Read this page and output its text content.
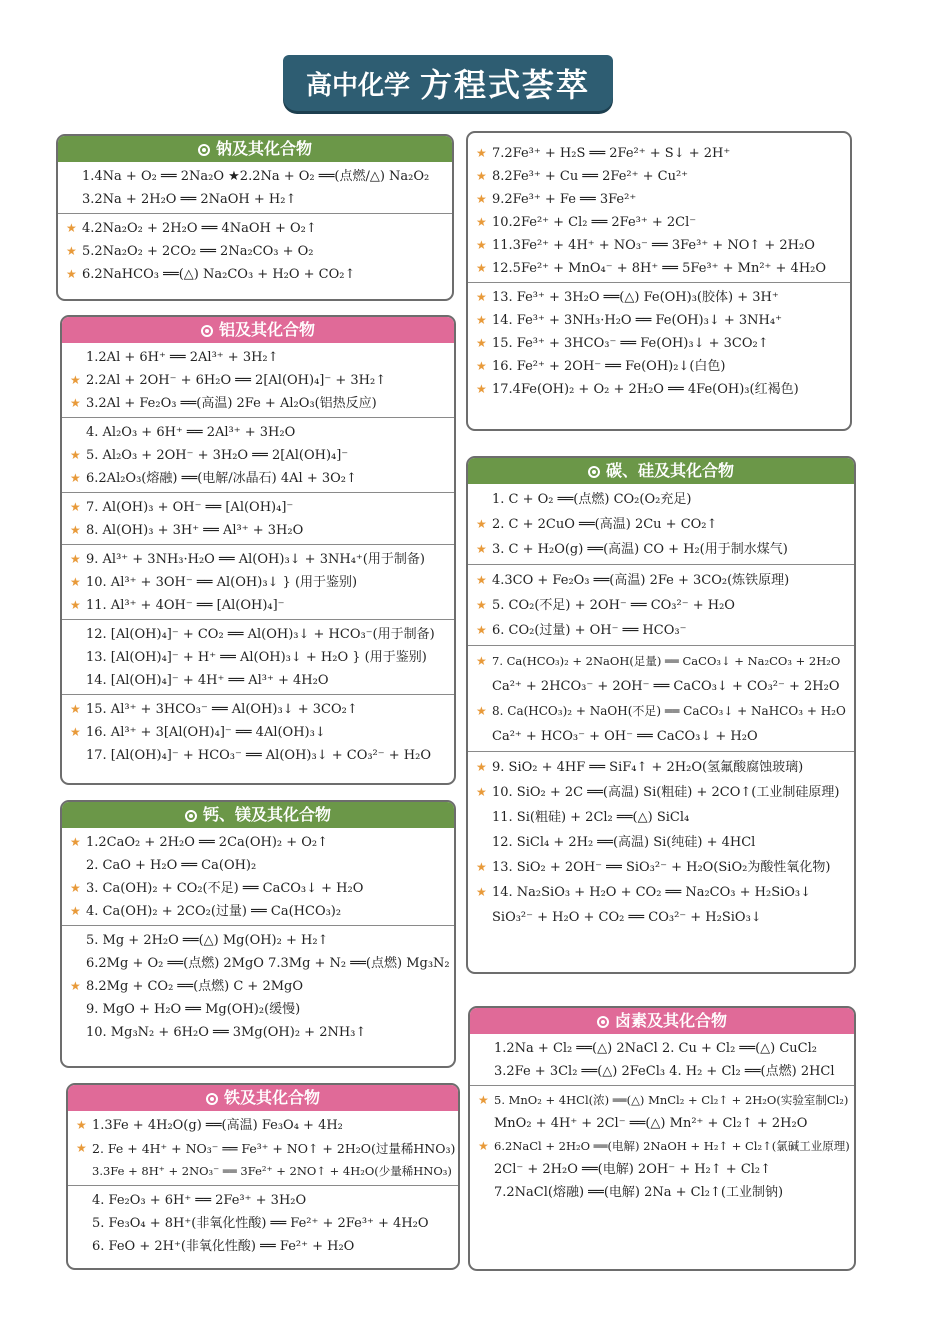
高中化学 方程式荟萃
钠及其化合物
1.4Na + O₂ ══ 2Na₂O ★2.2Na + O₂ ══(点燃/△) Na₂O₂
3.2Na + 2H₂O ══ 2NaOH + H₂↑
★ 4.2Na₂O₂ + 2H₂O ══ 4NaOH + O₂↑
★ 5.2Na₂O₂ + 2CO₂ ══ 2Na₂CO₃ + O₂
★ 6.2NaHCO₃ ══(△) Na₂CO₃ + H₂O + CO₂↑
铝及其化合物
1.2Al + 6H⁺ ══ 2Al³⁺ + 3H₂↑
★ 2.2Al + 2OH⁻ + 6H₂O ══ 2[Al(OH)₄]⁻ + 3H₂↑
★ 3.2Al + Fe₂O₃ ══(高温) 2Fe + Al₂O₃(铝热反应)
4. Al₂O₃ + 6H⁺ ══ 2Al³⁺ + 3H₂O
★ 5. Al₂O₃ + 2OH⁻ + 3H₂O ══ 2[Al(OH)₄]⁻
★ 6.2Al₂O₃(熔融) ══(电解/冰晶石) 4Al + 3O₂↑
★ 7. Al(OH)₃ + OH⁻ ══ [Al(OH)₄]⁻
★ 8. Al(OH)₃ + 3H⁺ ══ Al³⁺ + 3H₂O
★ 9. Al³⁺ + 3NH₃·H₂O ══ Al(OH)₃↓ + 3NH₄⁺(用于制备)
★ 10. Al³⁺ + 3OH⁻ ══ Al(OH)₃↓ } (用于鉴别)
★ 11. Al³⁺ + 4OH⁻ ══ [Al(OH)₄]⁻
12. [Al(OH)₄]⁻ + CO₂ ══ Al(OH)₃↓ + HCO₃⁻(用于制备)
13. [Al(OH)₄]⁻ + H⁺ ══ Al(OH)₃↓ + H₂O } (用于鉴别)
14. [Al(OH)₄]⁻ + 4H⁺ ══ Al³⁺ + 4H₂O
★ 15. Al³⁺ + 3HCO₃⁻ ══ Al(OH)₃↓ + 3CO₂↑
★ 16. Al³⁺ + 3[Al(OH)₄]⁻ ══ 4Al(OH)₃↓
17. [Al(OH)₄]⁻ + HCO₃⁻ ══ Al(OH)₃↓ + CO₃²⁻ + H₂O
钙、镁及其化合物
★ 1.2CaO₂ + 2H₂O ══ 2Ca(OH)₂ + O₂↑
2. CaO + H₂O ══ Ca(OH)₂
★ 3. Ca(OH)₂ + CO₂(不足) ══ CaCO₃↓ + H₂O
★ 4. Ca(OH)₂ + 2CO₂(过量) ══ Ca(HCO₃)₂
5. Mg + 2H₂O ══(△) Mg(OH)₂ + H₂↑
6.2Mg + O₂ ══(点燃) 2MgO 7.3Mg + N₂ ══(点燃) Mg₃N₂
★ 8.2Mg + CO₂ ══(点燃) C + 2MgO
9. MgO + H₂O ══ Mg(OH)₂(缓慢)
10. Mg₃N₂ + 6H₂O ══ 3Mg(OH)₂ + 2NH₃↑
铁及其化合物
★ 1.3Fe + 4H₂O(g) ══(高温) Fe₃O₄ + 4H₂
★ 2. Fe + 4H⁺ + NO₃⁻ ══ Fe³⁺ + NO↑ + 2H₂O(过量稀HNO₃)
3.3Fe + 8H⁺ + 2NO₃⁻ ══ 3Fe²⁺ + 2NO↑ + 4H₂O(少量稀HNO₃)
4. Fe₂O₃ + 6H⁺ ══ 2Fe³⁺ + 3H₂O
5. Fe₃O₄ + 8H⁺(非氧化性酸) ══ Fe²⁺ + 2Fe³⁺ + 4H₂O
6. FeO + 2H⁺(非氧化性酸) ══ Fe²⁺ + H₂O
★ 7.2Fe³⁺ + H₂S ══ 2Fe²⁺ + S↓ + 2H⁺
★ 8.2Fe³⁺ + Cu ══ 2Fe²⁺ + Cu²⁺
★ 9.2Fe³⁺ + Fe ══ 3Fe²⁺
★ 10.2Fe²⁺ + Cl₂ ══ 2Fe³⁺ + 2Cl⁻
★ 11.3Fe²⁺ + 4H⁺ + NO₃⁻ ══ 3Fe³⁺ + NO↑ + 2H₂O
★ 12.5Fe²⁺ + MnO₄⁻ + 8H⁺ ══ 5Fe³⁺ + Mn²⁺ + 4H₂O
★ 13. Fe³⁺ + 3H₂O ══(△) Fe(OH)₃(胶体) + 3H⁺
★ 14. Fe³⁺ + 3NH₃·H₂O ══ Fe(OH)₃↓ + 3NH₄⁺
★ 15. Fe³⁺ + 3HCO₃⁻ ══ Fe(OH)₃↓ + 3CO₂↑
★ 16. Fe²⁺ + 2OH⁻ ══ Fe(OH)₂↓(白色)
★ 17.4Fe(OH)₂ + O₂ + 2H₂O ══ 4Fe(OH)₃(红褐色)
碳、硅及其化合物
1. C + O₂ ══(点燃) CO₂(O₂充足)
★ 2. C + 2CuO ══(高温) 2Cu + CO₂↑
★ 3. C + H₂O(g) ══(高温) CO + H₂(用于制水煤气)
★ 4.3CO + Fe₂O₃ ══(高温) 2Fe + 3CO₂(炼铁原理)
★ 5. CO₂(不足) + 2OH⁻ ══ CO₃²⁻ + H₂O
★ 6. CO₂(过量) + OH⁻ ══ HCO₃⁻
★ 7. Ca(HCO₃)₂ + 2NaOH(足量) ══ CaCO₃↓ + Na₂CO₃ + 2H₂O
Ca²⁺ + 2HCO₃⁻ + 2OH⁻ ══ CaCO₃↓ + CO₃²⁻ + 2H₂O
★ 8. Ca(HCO₃)₂ + NaOH(不足) ══ CaCO₃↓ + NaHCO₃ + H₂O
Ca²⁺ + HCO₃⁻ + OH⁻ ══ CaCO₃↓ + H₂O
★ 9. SiO₂ + 4HF ══ SiF₄↑ + 2H₂O(氢氟酸腐蚀玻璃)
★ 10. SiO₂ + 2C ══(高温) Si(粗硅) + 2CO↑(工业制硅原理)
11. Si(粗硅) + 2Cl₂ ══(△) SiCl₄
12. SiCl₄ + 2H₂ ══(高温) Si(纯硅) + 4HCl
★ 13. SiO₂ + 2OH⁻ ══ SiO₃²⁻ + H₂O(SiO₂为酸性氧化物)
★ 14. Na₂SiO₃ + H₂O + CO₂ ══ Na₂CO₃ + H₂SiO₃↓
SiO₃²⁻ + H₂O + CO₂ ══ CO₃²⁻ + H₂SiO₃↓
卤素及其化合物
1.2Na + Cl₂ ══(△) 2NaCl 2. Cu + Cl₂ ══(△) CuCl₂
3.2Fe + 3Cl₂ ══(△) 2FeCl₃ 4. H₂ + Cl₂ ══(点燃) 2HCl
★ 5. MnO₂ + 4HCl(浓) ══(△) MnCl₂ + Cl₂↑ + 2H₂O(实验室制Cl₂)
MnO₂ + 4H⁺ + 2Cl⁻ ══(△) Mn²⁺ + Cl₂↑ + 2H₂O
★ 6.2NaCl + 2H₂O ══(电解) 2NaOH + H₂↑ + Cl₂↑(氯碱工业原理)
2Cl⁻ + 2H₂O ══(电解) 2OH⁻ + H₂↑ + Cl₂↑
7.2NaCl(熔融) ══(电解) 2Na + Cl₂↑(工业制钠)
